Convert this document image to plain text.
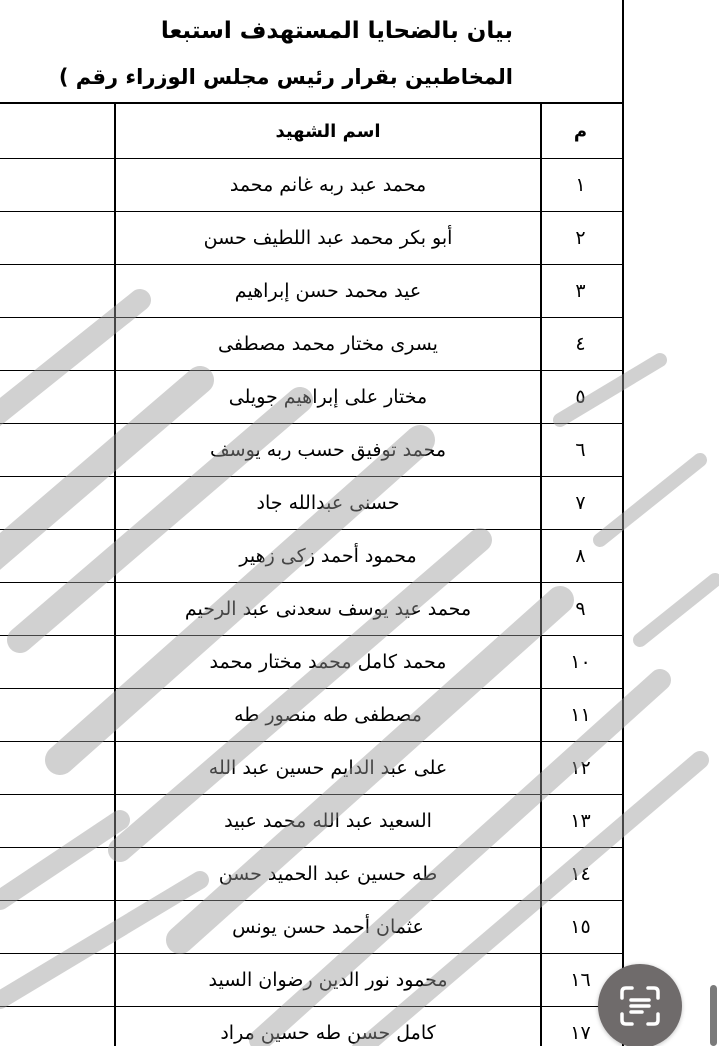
بيان بالضحايا المستهدف استبعا
المخاطبين بقرار رئيس مجلس الوزراء رقم )
اسم الشهيد	م
محمد عبد ربه غانم محمد	١
أبو بكر محمد عبد اللطيف حسن	٢
عيد محمد حسن إبراهيم	٣
يسرى مختار محمد مصطفى	٤
مختار على إبراهيم جويلى	٥
محمد توفيق حسب ربه يوسف	٦
حسنى عبدالله جاد	٧
محمود أحمد زكى زهير	٨
محمد عيد يوسف سعدنى عبد الرحيم	٩
محمد كامل محمد مختار محمد	١٠
مصطفى طه منصور طه	١١
على عبد الدايم حسين عبد الله	١٢
السعيد عبد الله محمد عبيد	١٣
طه حسين عبد الحميد حسن	١٤
عثمان أحمد حسن يونس	١٥
محمود نور الدين رضوان السيد	١٦
كامل حسن طه حسين مراد	١٧
